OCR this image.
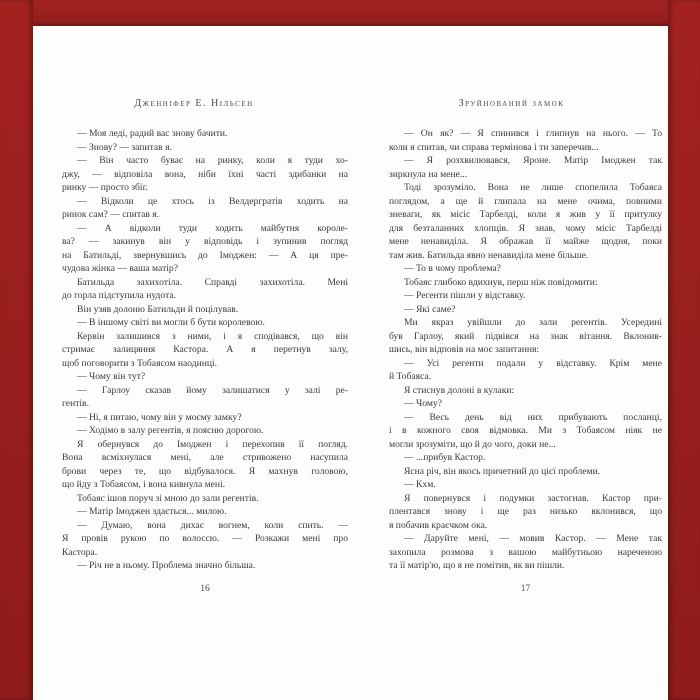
Дженніфер Е. Нільсен
— Моя леді, радий вас знову бачити.
— Знову? — запитав я.
— Він часто буває на ринку, коли я туди хо-
джу, — відповіла вона, ніби їхні часті здибанки на
ринку — просто збіг.
— Відколи це хтось із Велдергратів ходить на
ринок сам? — спитав я.
— А відколи туди ходить майбутня короле-
ва? — закинув він у відповідь і зупинив погляд
на Батильді, звернувшись до Імоджен: — А ця пре-
чудова жінка — ваша матір?
Батильда захихотіла. Справді захихотіла. Мені
до горла підступила нудота.
Він узяв долоню Батильди й поцілував.
— В іншому світі ви могли б бути королевою.
Кервін залишився з ними, і я сподівався, що він
стримає залицяння Кастора. А я перетнув залу,
щоб поговорити з Тобаясом наодинці.
— Чому він тут?
— Гарлоу сказав йому залишатися у залі ре-
гентів.
— Ні, я питаю, чому він у моєму замку?
— Ходімо в залу регентів, я поясню дорогою.
Я обернувся до Імоджен і перехопив її погляд.
Вона всміхнулася мені, але стривожено насупила
брови через те, що відбувалося. Я махнув головою,
що йду з Тобаясом, і вона кивнула мені.
Тобаяс ішов поруч зі мною до зали регентів.
— Матір Імоджен здається... милою.
— Думаю, вона дихає вогнем, коли спить. —
Я провів рукою по волоссю. — Розкажи мені про
Кастора.
— Річ не в ньому. Проблема значно більша.
16
Зруйнований замок
— Он як? — Я спинився і глипнув на нього. — То
коли я спитав, чи справа термінова і ти заперечив...
— Я розхвилювався, Яроне. Матір Імоджен так
зиркнула на мене...
Тоді зрозуміло. Вона не лише спопелила Тобаяса
поглядом, а ще й глипала на мене очима, повними
зневаги, як місіс Тарбелді, коли я жив у її притулку
для безталанних хлопців. Я знав, чому місіс Тарбелді
мене ненавиділа. Я ображав її майже щодня, поки
там жив. Батильда явно ненавиділа мене більше.
— То в чому проблема?
Тобаяс глибоко вдихнув, перш ніж повідомити:
— Регенти пішли у відставку.
— Які саме?
Ми якраз увійшли до зали регентів. Усередині
був Гарлоу, який підвівся на знак вітання. Вклонив-
шись, він відповів на моє запитання:
— Усі регенти подали у відставку. Крім мене
й Тобаяса.
Я стиснув долоні в кулаки:
— Чому?
— Весь день від них прибувають посланці,
і в кожного своя відмовка. Ми з Тобаясом ніяк не
могли зрозуміти, що й до чого, доки не...
— ...прибув Кастор.
Ясна річ, він якось причетний до цієї проблеми.
— Кхм.
Я повернувся і подумки застогнав. Кастор при-
плентався знову і ще раз низько вклонився, що
я побачив краєчком ока.
— Даруйте мені, — мовив Кастор. — Мене так
захопила розмова з вашою майбутньою нареченою
та її матір'ю, що я не помітив, як ви пішли.
17
